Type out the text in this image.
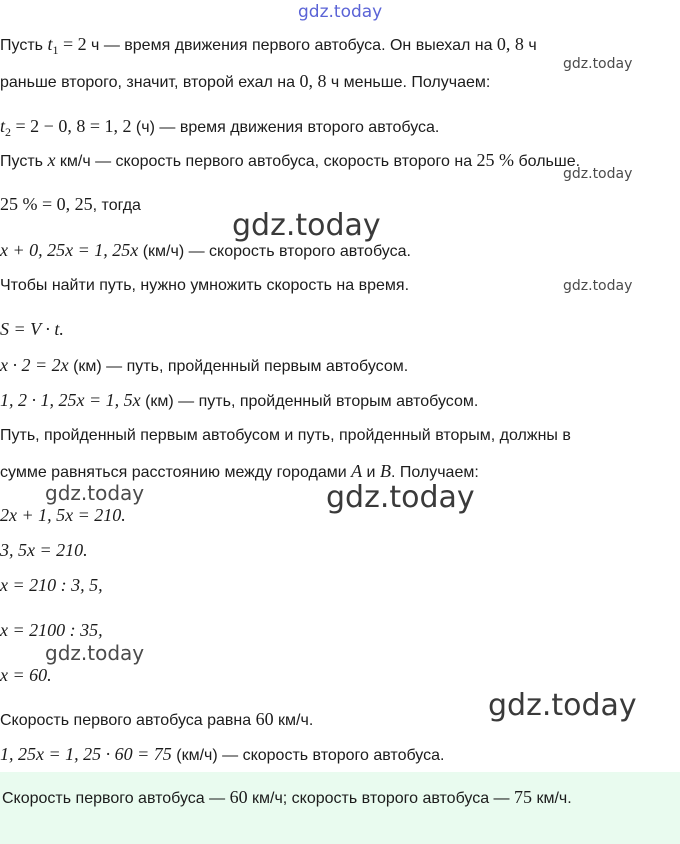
gdz.today
gdz.today
gdz.today
gdz.today
gdz.today
gdz.today	gdz.today
gdz.today
gdz.today
Пусть $t_1 = 2$ ч — время движения первого автобуса. Он выехал на 0, 8 ч
раньше второго, значит, второй ехал на 0, 8 ч меньше. Получаем:
$t_2 = 2 - 0$, 8 = 1, 2 (ч) — время движения второго автобуса.
Пусть x км/ч — скорость первого автобуса, скорость второго на 25 % больше.
25 % = 0, 25, тогда
x + 0, 25x = 1, 25x (км/ч) — скорость второго автобуса.
Чтобы найти путь, нужно умножить скорость на время.
S = V · t.
x · 2 = 2x (км) — путь, пройденный первым автобусом.
1, 2 · 1, 25x = 1, 5x (км) — путь, пройденный вторым автобусом.
Путь, пройденный первым автобусом и путь, пройденный вторым, должны в
сумме равняться расстоянию между городами A и B. Получаем:
2x + 1, 5x = 210.
3, 5x = 210.
x = 210 : 3, 5,
x = 2100 : 35,
x = 60.
Скорость первого автобуса равна 60 км/ч.
1, 25x = 1, 25 · 60 = 75 (км/ч) — скорость второго автобуса.
Скорость первого автобуса — 60 км/ч; скорость второго автобуса — 75 км/ч.
